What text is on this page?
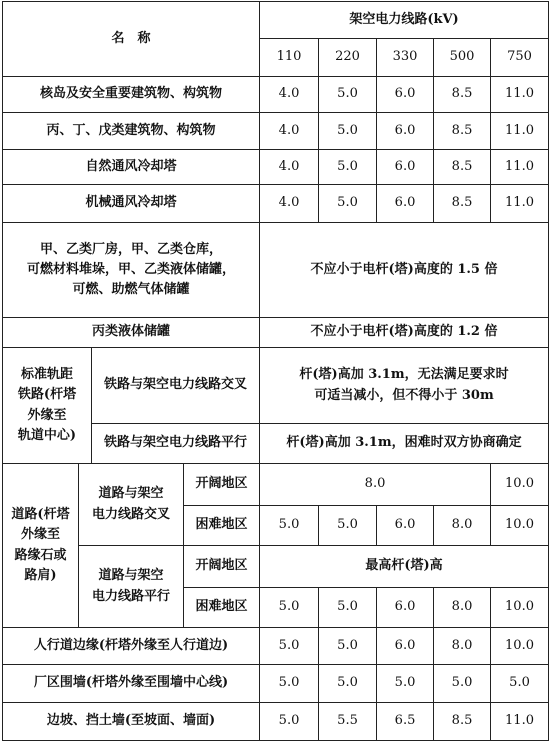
名　称				架空电力线路(kV)				
				110	220	330	500	750
核岛及安全重要建筑物、构筑物				4.0	5.0	6.0	8.5	11.0
丙、丁、戊类建筑物、构筑物				4.0	5.0	6.0	8.5	11.0
自然通风冷却塔				4.0	5.0	6.0	8.5	11.0
机械通风冷却塔				4.0	5.0	6.0	8.5	11.0

甲、乙类厂房，甲、乙类仓库，
可燃材料堆垛，甲、乙类液体储罐，
可燃、助燃气体储罐				不应小于电杆(塔)高度的 1.5 倍				
丙类液体储罐				不应小于电杆(塔)高度的 1.2 倍				

标准轨距
铁路(杆塔
外缘至
轨道中心)		铁路与架空电力线路交叉		杆(塔)高加 3.1m，无法满足要求时
可适当减小，但不得小于 30m				

		铁路与架空电力线路平行		杆(塔)高加 3.1m，困难时双方协商确定				

道路(杆塔
外缘至
路缘石或
路肩)	道路与架空
电力线路交叉		开阔地区	8.0				10.0
			困难地区	5.0	5.0	6.0	8.0	10.0

	道路与架空
电力线路平行		开阔地区	最高杆(塔)高				
			困难地区	5.0	5.0	6.0	8.0	10.0
人行道边缘(杆塔外缘至人行道边)				5.0	5.0	6.0	8.0	10.0
厂区围墙(杆塔外缘至围墙中心线)				5.0	5.0	5.0	5.0	5.0
边坡、挡土墙(至坡面、墙面)				5.0	5.5	6.5	8.5	11.0
